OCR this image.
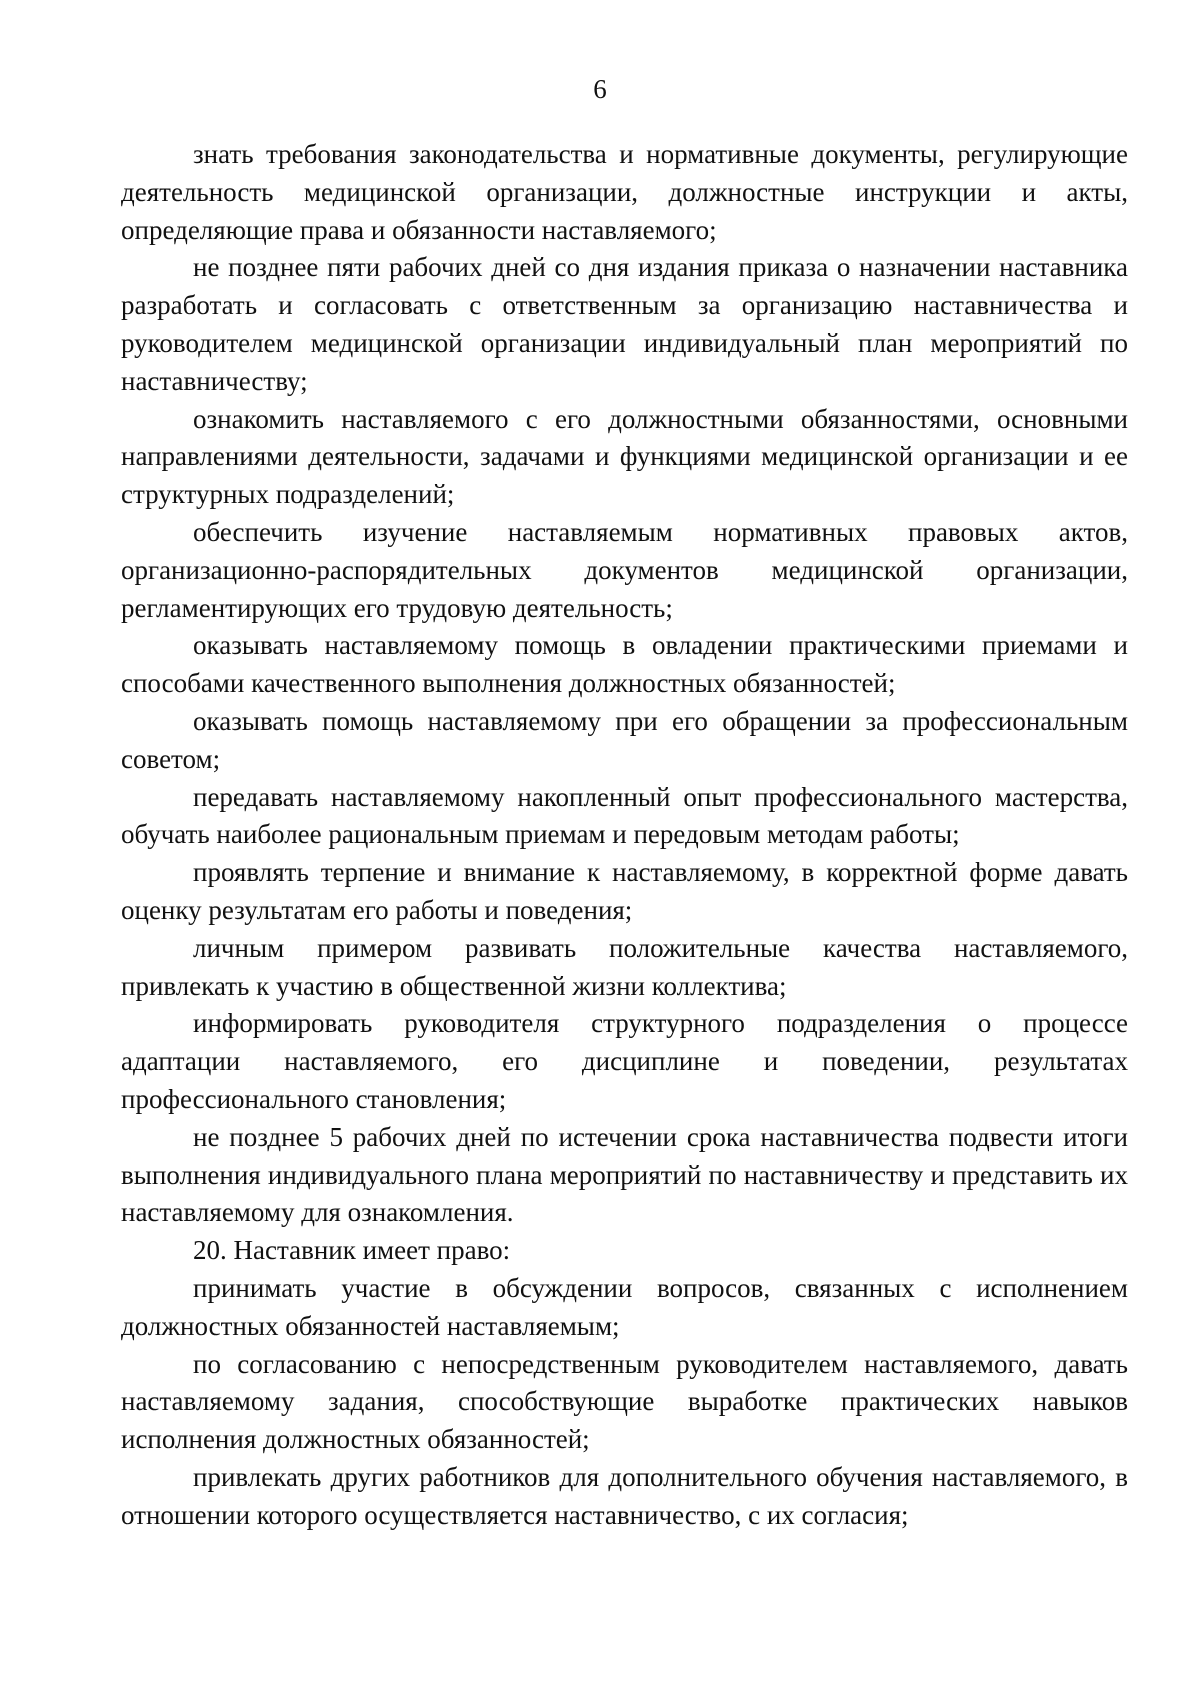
6

знать требования законодательства и нормативные документы, регулирующие деятельность медицинской организации, должностные инструкции и акты, определяющие права и обязанности наставляемого;

не позднее пяти рабочих дней со дня издания приказа о назначении наставника разработать и согласовать с ответственным за организацию наставничества и руководителем медицинской организации индивидуальный план мероприятий по наставничеству;

ознакомить наставляемого с его должностными обязанностями, основными направлениями деятельности, задачами и функциями медицинской организации и ее структурных подразделений;

обеспечить изучение наставляемым нормативных правовых актов, организационно-распорядительных документов медицинской организации, регламентирующих его трудовую деятельность;

оказывать наставляемому помощь в овладении практическими приемами и способами качественного выполнения должностных обязанностей;

оказывать помощь наставляемому при его обращении за профессиональным советом;

передавать наставляемому накопленный опыт профессионального мастерства, обучать наиболее рациональным приемам и передовым методам работы;

проявлять терпение и внимание к наставляемому, в корректной форме давать оценку результатам его работы и поведения;

личным примером развивать положительные качества наставляемого, привлекать к участию в общественной жизни коллектива;

информировать руководителя структурного подразделения о процессе адаптации наставляемого, его дисциплине и поведении, результатах профессионального становления;

не позднее 5 рабочих дней по истечении срока наставничества подвести итоги выполнения индивидуального плана мероприятий по наставничеству и представить их наставляемому для ознакомления.

20. Наставник имеет право:

принимать участие в обсуждении вопросов, связанных с исполнением должностных обязанностей наставляемым;

по согласованию с непосредственным руководителем наставляемого, давать наставляемому задания, способствующие выработке практических навыков исполнения должностных обязанностей;

привлекать других работников для дополнительного обучения наставляемого, в отношении которого осуществляется наставничество, с их согласия;
